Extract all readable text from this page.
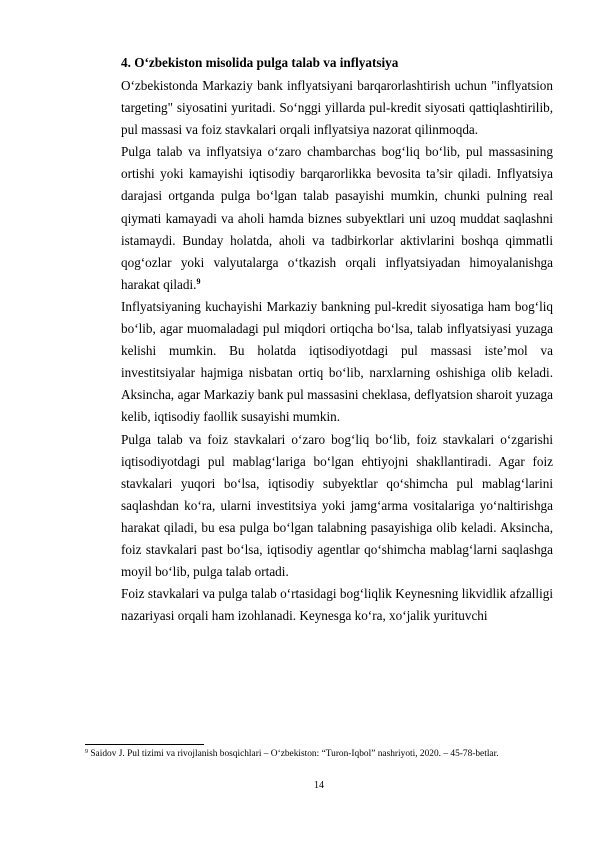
4. O‘zbekiston misolida pulga talab va inflyatsiya

O‘zbekistonda Markaziy bank inflyatsiyani barqarorlashtirish uchun "inflyatsion targeting" siyosatini yuritadi. So‘nggi yillarda pul-kredit siyosati qattiqlashtirilib, pul massasi va foiz stavkalari orqali inflyatsiya nazorat qilinmoqda.

Pulga talab va inflyatsiya o‘zaro chambarchas bog‘liq bo‘lib, pul massasining ortishi yoki kamayishi iqtisodiy barqarorlikka bevosita ta’sir qiladi. Inflyatsiya darajasi ortganda pulga bo‘lgan talab pasayishi mumkin, chunki pulning real qiymati kamayadi va aholi hamda biznes subyektlari uni uzoq muddat saqlashni istamaydi. Bunday holatda, aholi va tadbirkorlar aktivlarini boshqa qimmatli qog‘ozlar yoki valyutalarga o‘tkazish orqali inflyatsiyadan himoyalanishga harakat qiladi.$^9$

Inflyatsiyaning kuchayishi Markaziy bankning pul-kredit siyosatiga ham bog‘liq bo‘lib, agar muomaladagi pul miqdori ortiqcha bo‘lsa, talab inflyatsiyasi yuzaga kelishi mumkin. Bu holatda iqtisodiyotdagi pul massasi iste’mol va investitsiyalar hajmiga nisbatan ortiq bo‘lib, narxlarning oshishiga olib keladi. Aksincha, agar Markaziy bank pul massasini cheklasa, deflyatsion sharoit yuzaga kelib, iqtisodiy faollik susayishi mumkin.

Pulga talab va foiz stavkalari o‘zaro bog‘liq bo‘lib, foiz stavkalari o‘zgarishi iqtisodiyotdagi pul mablag‘lariga bo‘lgan ehtiyojni shakllantiradi. Agar foiz stavkalari yuqori bo‘lsa, iqtisodiy subyektlar qo‘shimcha pul mablag‘larini saqlashdan ko‘ra, ularni investitsiya yoki jamg‘arma vositalariga yo‘naltirishga harakat qiladi, bu esa pulga bo‘lgan talabning pasayishiga olib keladi. Aksincha, foiz stavkalari past bo‘lsa, iqtisodiy agentlar qo‘shimcha mablag‘larni saqlashga moyil bo‘lib, pulga talab ortadi.

Foiz stavkalari va pulga talab o‘rtasidagi bog‘liqlik Keynesning likvidlik afzalligi nazariyasi orqali ham izohlanadi. Keynesga ko‘ra, xo‘jalik yurituvchi

$^9$ Saidov J. Pul tizimi va rivojlanish bosqichlari – O‘zbekiston: “Turon-Iqbol” nashriyoti, 2020. – 45-78-betlar.
14
